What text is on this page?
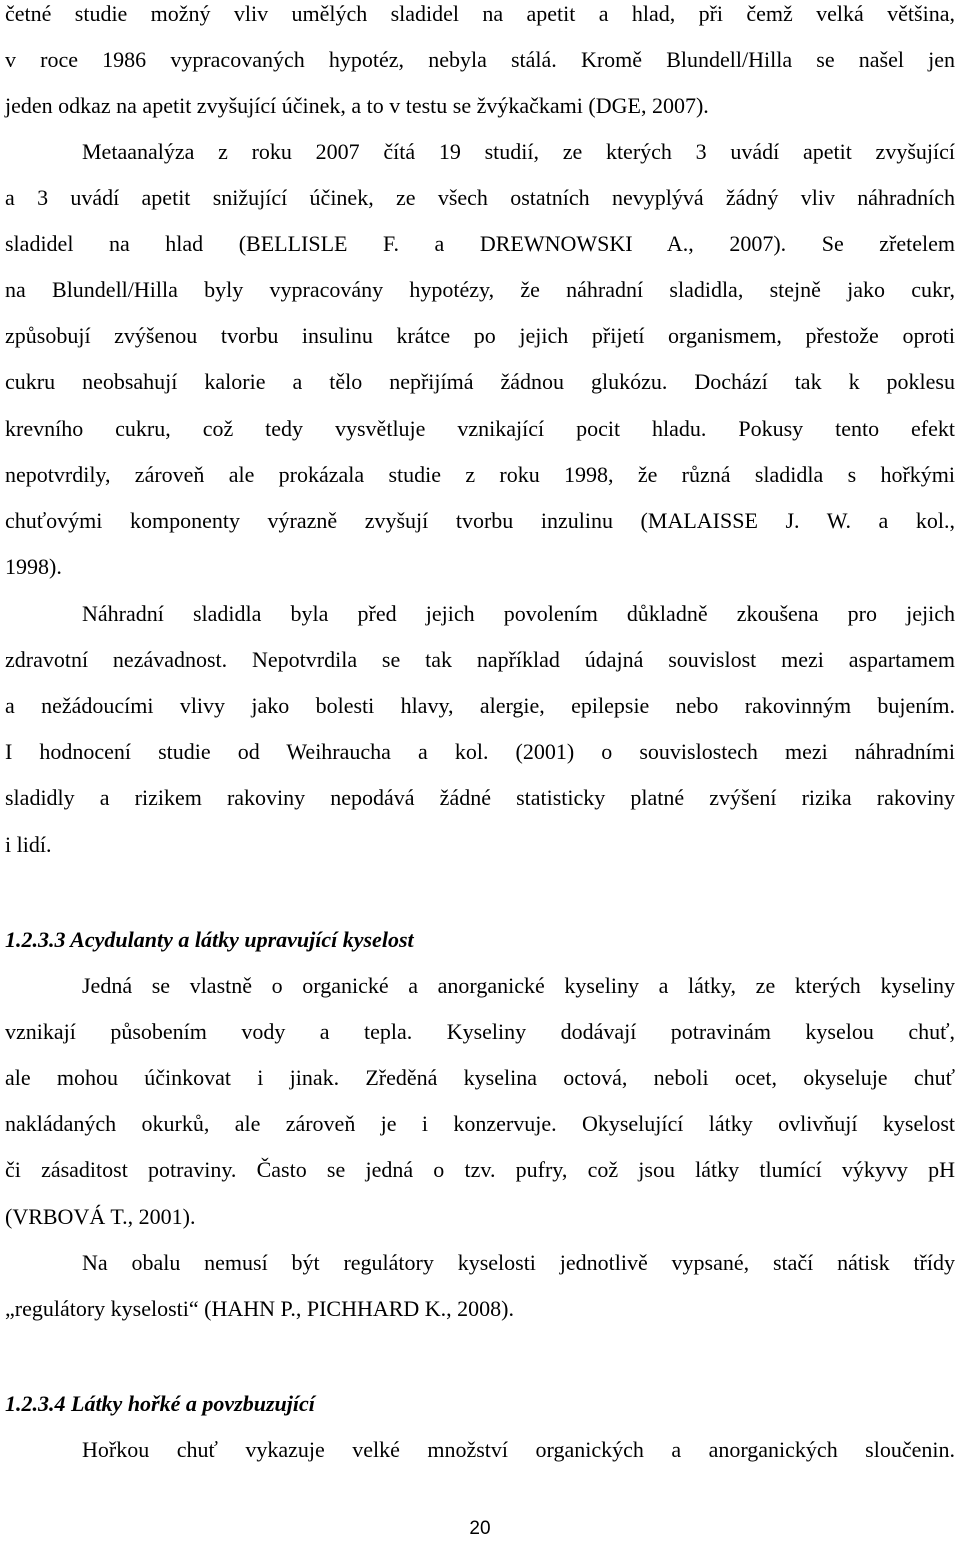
četné studie možný vliv umělých sladidel na apetit a hlad, při čemž velká většina,
v roce 1986 vypracovaných hypotéz, nebyla stálá. Kromě Blundell/Hilla se našel jen
jeden odkaz na apetit zvyšující účinek, a to v testu se žvýkačkami (DGE, 2007).
Metaanalýza z roku 2007 čítá 19 studií, ze kterých 3 uvádí apetit zvyšující
a 3 uvádí apetit snižující účinek, ze všech ostatních nevyplývá žádný vliv náhradních
sladidel na hlad (BELLISLE F. a DREWNOWSKI A., 2007). Se zřetelem
na Blundell/Hilla byly vypracovány hypotézy, že náhradní sladidla, stejně jako cukr,
způsobují zvýšenou tvorbu insulinu krátce po jejich přijetí organismem, přestože oproti
cukru neobsahují kalorie a tělo nepřijímá žádnou glukózu. Dochází tak k poklesu
krevního cukru, což tedy vysvětluje vznikající pocit hladu. Pokusy tento efekt
nepotvrdily, zároveň ale prokázala studie z roku 1998, že různá sladidla s hořkými
chuťovými komponenty výrazně zvyšují tvorbu inzulinu (MALAISSE J. W. a kol.,
1998).
Náhradní sladidla byla před jejich povolením důkladně zkoušena pro jejich
zdravotní nezávadnost. Nepotvrdila se tak například údajná souvislost mezi aspartamem
a nežádoucími vlivy jako bolesti hlavy, alergie, epilepsie nebo rakovinným bujením.
I hodnocení studie od Weihraucha a kol. (2001) o souvislostech mezi náhradními
sladidly a rizikem rakoviny nepodává žádné statisticky platné zvýšení rizika rakoviny
i lidí.
1.2.3.3 Acydulanty a látky upravující kyselost
Jedná se vlastně o organické a anorganické kyseliny a látky, ze kterých kyseliny
vznikají působením vody a tepla. Kyseliny dodávají potravinám kyselou chuť,
ale mohou účinkovat i jinak. Zředěná kyselina octová, neboli ocet, okyseluje chuť
nakládaných okurků, ale zároveň je i konzervuje. Okyselující látky ovlivňují kyselost
či zásaditost potraviny. Často se jedná o tzv. pufry, což jsou látky tlumící výkyvy pH
(VRBOVÁ T., 2001).
Na obalu nemusí být regulátory kyselosti jednotlivě vypsané, stačí nátisk třídy
„regulátory kyselosti“ (HAHN P., PICHHARD K., 2008).
1.2.3.4 Látky hořké a povzbuzující
Hořkou chuť vykazuje velké množství organických a anorganických sloučenin.
20
